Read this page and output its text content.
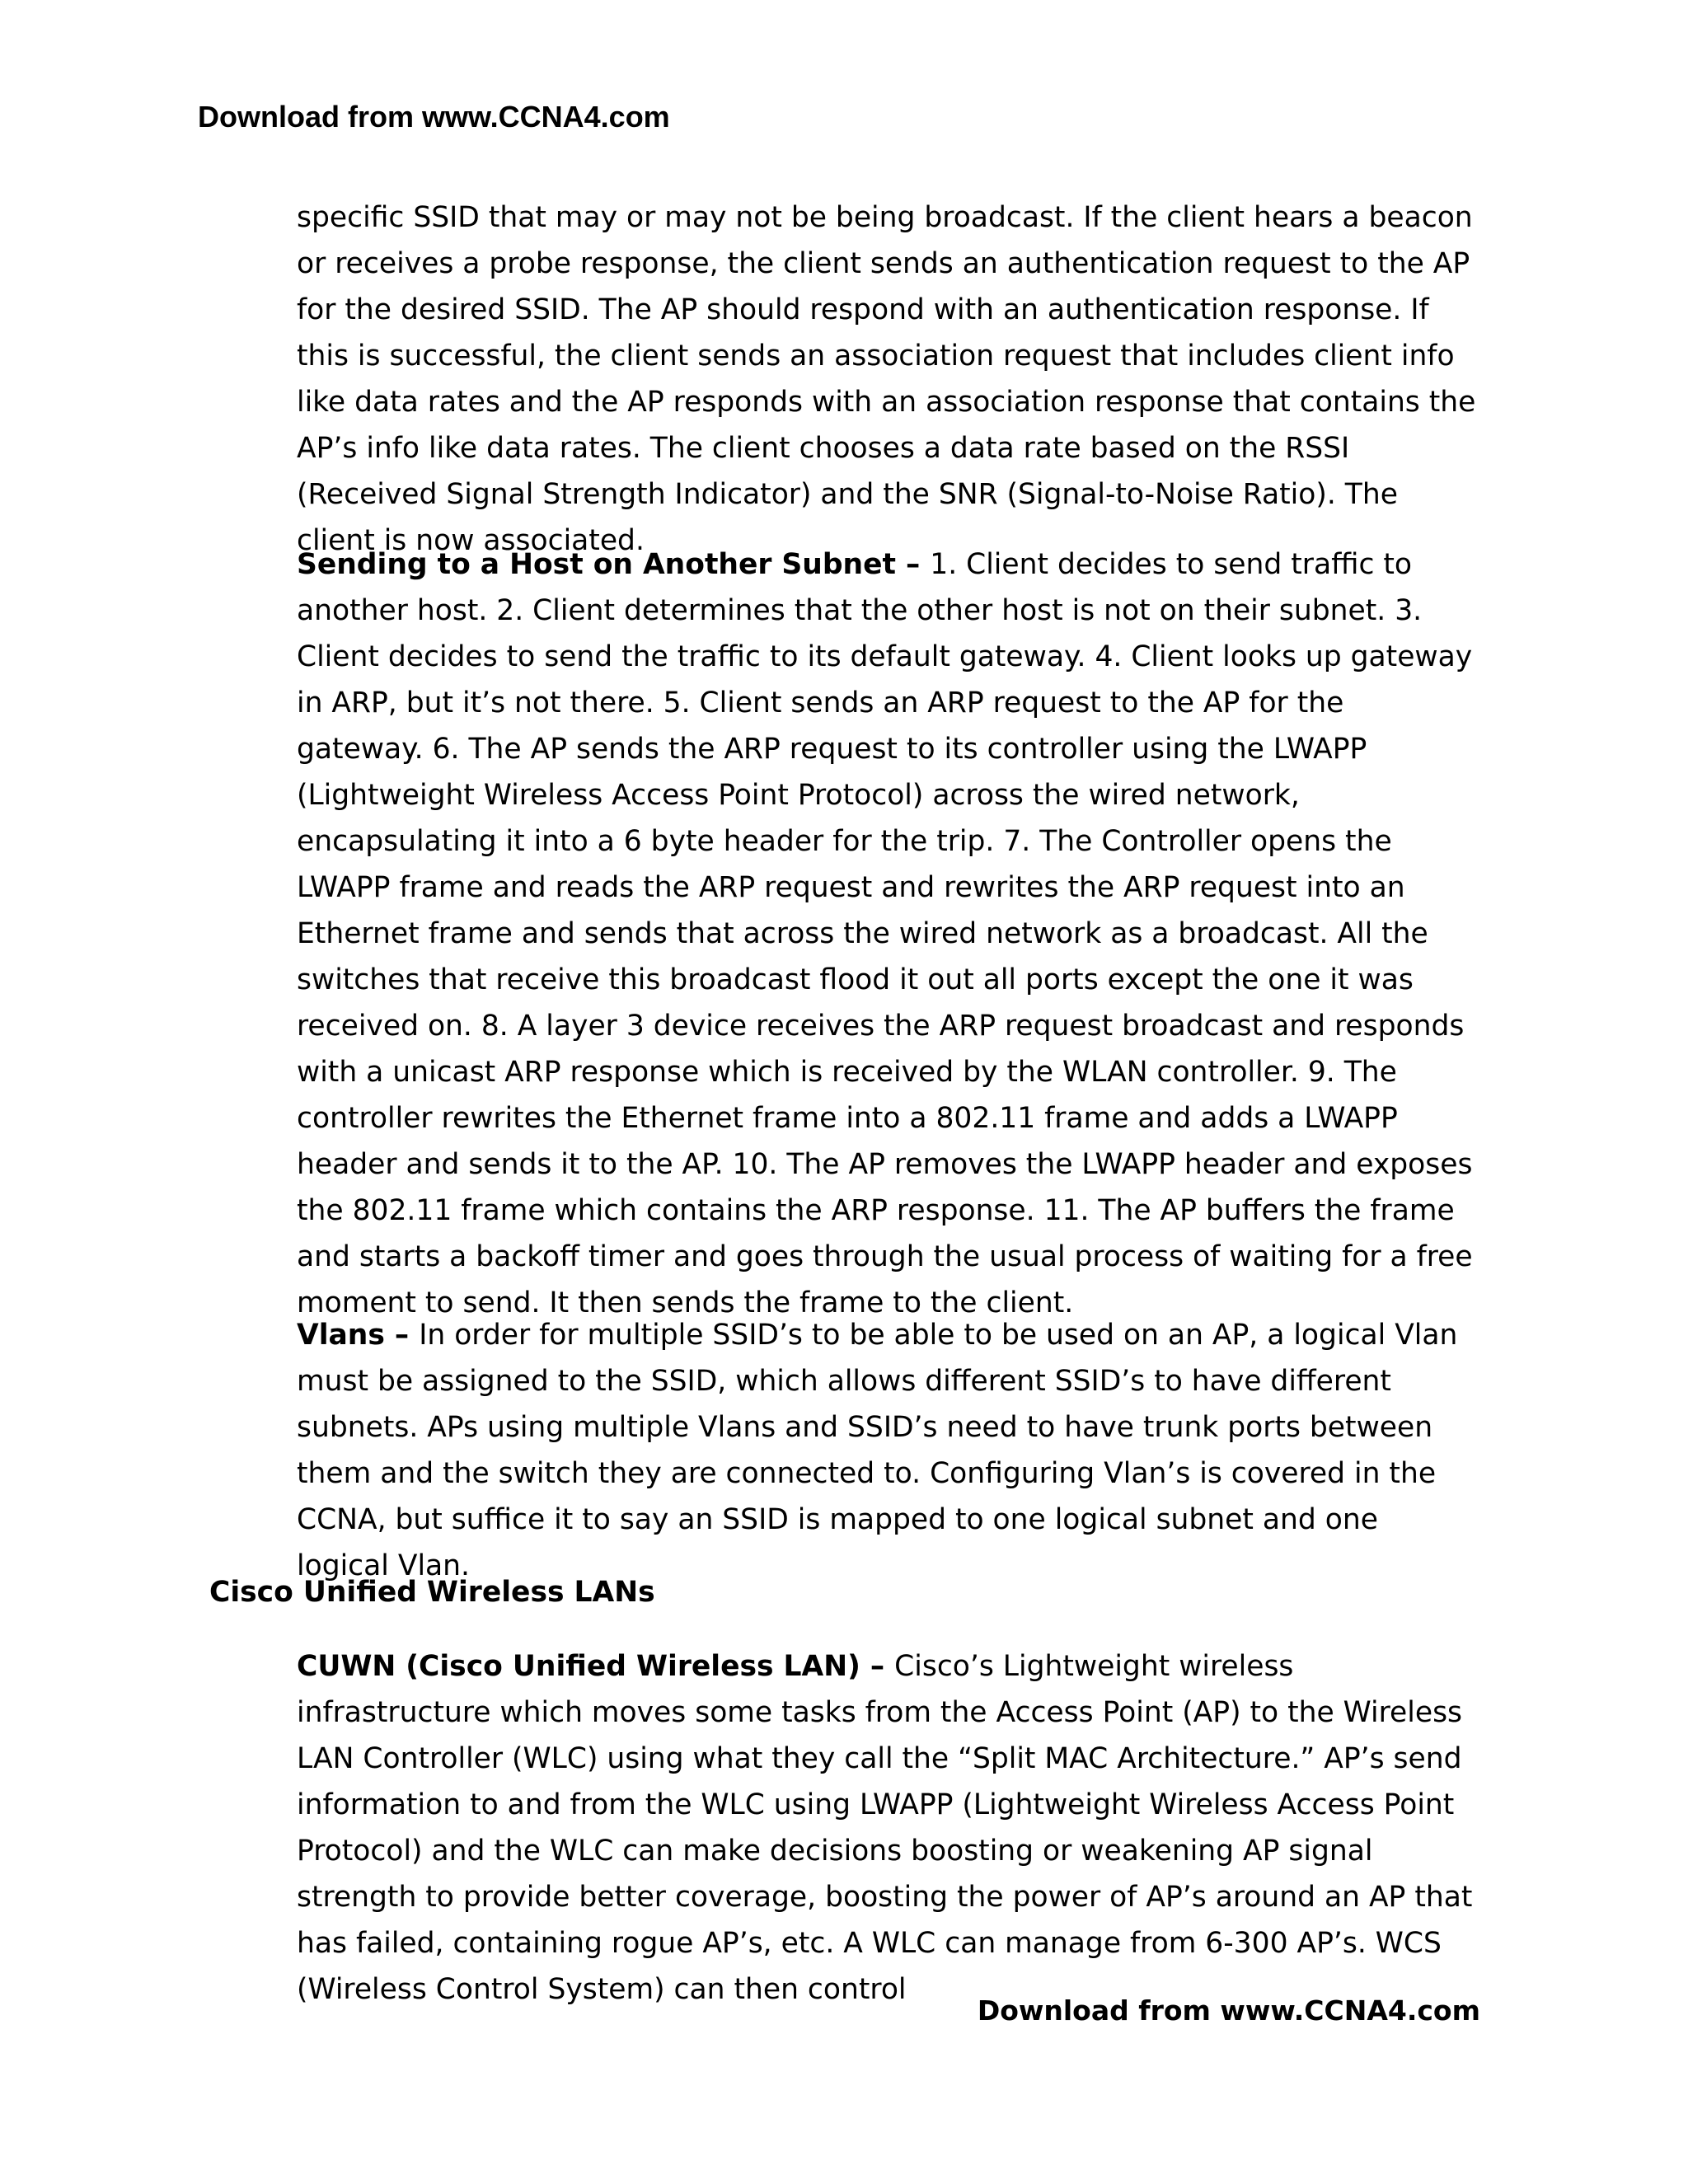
Download from www.CCNA4.com

specific SSID that may or may not be being broadcast. If the client hears a beacon or receives a probe response, the client sends an authentication request to the AP for the desired SSID. The AP should respond with an authentication response. If this is successful, the client sends an association request that includes client info like data rates and the AP responds with an association response that contains the AP’s info like data rates. The client chooses a data rate based on the RSSI (Received Signal Strength Indicator) and the SNR (Signal-to-Noise Ratio). The client is now associated.

Sending to a Host on Another Subnet – 1. Client decides to send traffic to another host. 2. Client determines that the other host is not on their subnet. 3. Client decides to send the traffic to its default gateway. 4. Client looks up gateway in ARP, but it’s not there. 5. Client sends an ARP request to the AP for the gateway. 6. The AP sends the ARP request to its controller using the LWAPP (Lightweight Wireless Access Point Protocol) across the wired network, encapsulating it into a 6 byte header for the trip. 7. The Controller opens the LWAPP frame and reads the ARP request and rewrites the ARP request into an Ethernet frame and sends that across the wired network as a broadcast. All the switches that receive this broadcast flood it out all ports except the one it was received on. 8. A layer 3 device receives the ARP request broadcast and responds with a unicast ARP response which is received by the WLAN controller. 9. The controller rewrites the Ethernet frame into a 802.11 frame and adds a LWAPP header and sends it to the AP. 10. The AP removes the LWAPP header and exposes the 802.11 frame which contains the ARP response. 11. The AP buffers the frame and starts a backoff timer and goes through the usual process of waiting for a free moment to send. It then sends the frame to the client.

Vlans – In order for multiple SSID’s to be able to be used on an AP, a logical Vlan must be assigned to the SSID, which allows different SSID’s to have different subnets. APs using multiple Vlans and SSID’s need to have trunk ports between them and the switch they are connected to. Configuring Vlan’s is covered in the CCNA, but suffice it to say an SSID is mapped to one logical subnet and one logical Vlan.

Cisco Unified Wireless LANs

CUWN (Cisco Unified Wireless LAN) – Cisco’s Lightweight wireless infrastructure which moves some tasks from the Access Point (AP) to the Wireless LAN Controller (WLC) using what they call the “Split MAC Architecture.” AP’s send information to and from the WLC using LWAPP (Lightweight Wireless Access Point Protocol) and the WLC can make decisions boosting or weakening AP signal strength to provide better coverage, boosting the power of AP’s around an AP that has failed, containing rogue AP’s, etc. A WLC can manage from 6-300 AP’s. WCS (Wireless Control System) can then control

Download from www.CCNA4.com
